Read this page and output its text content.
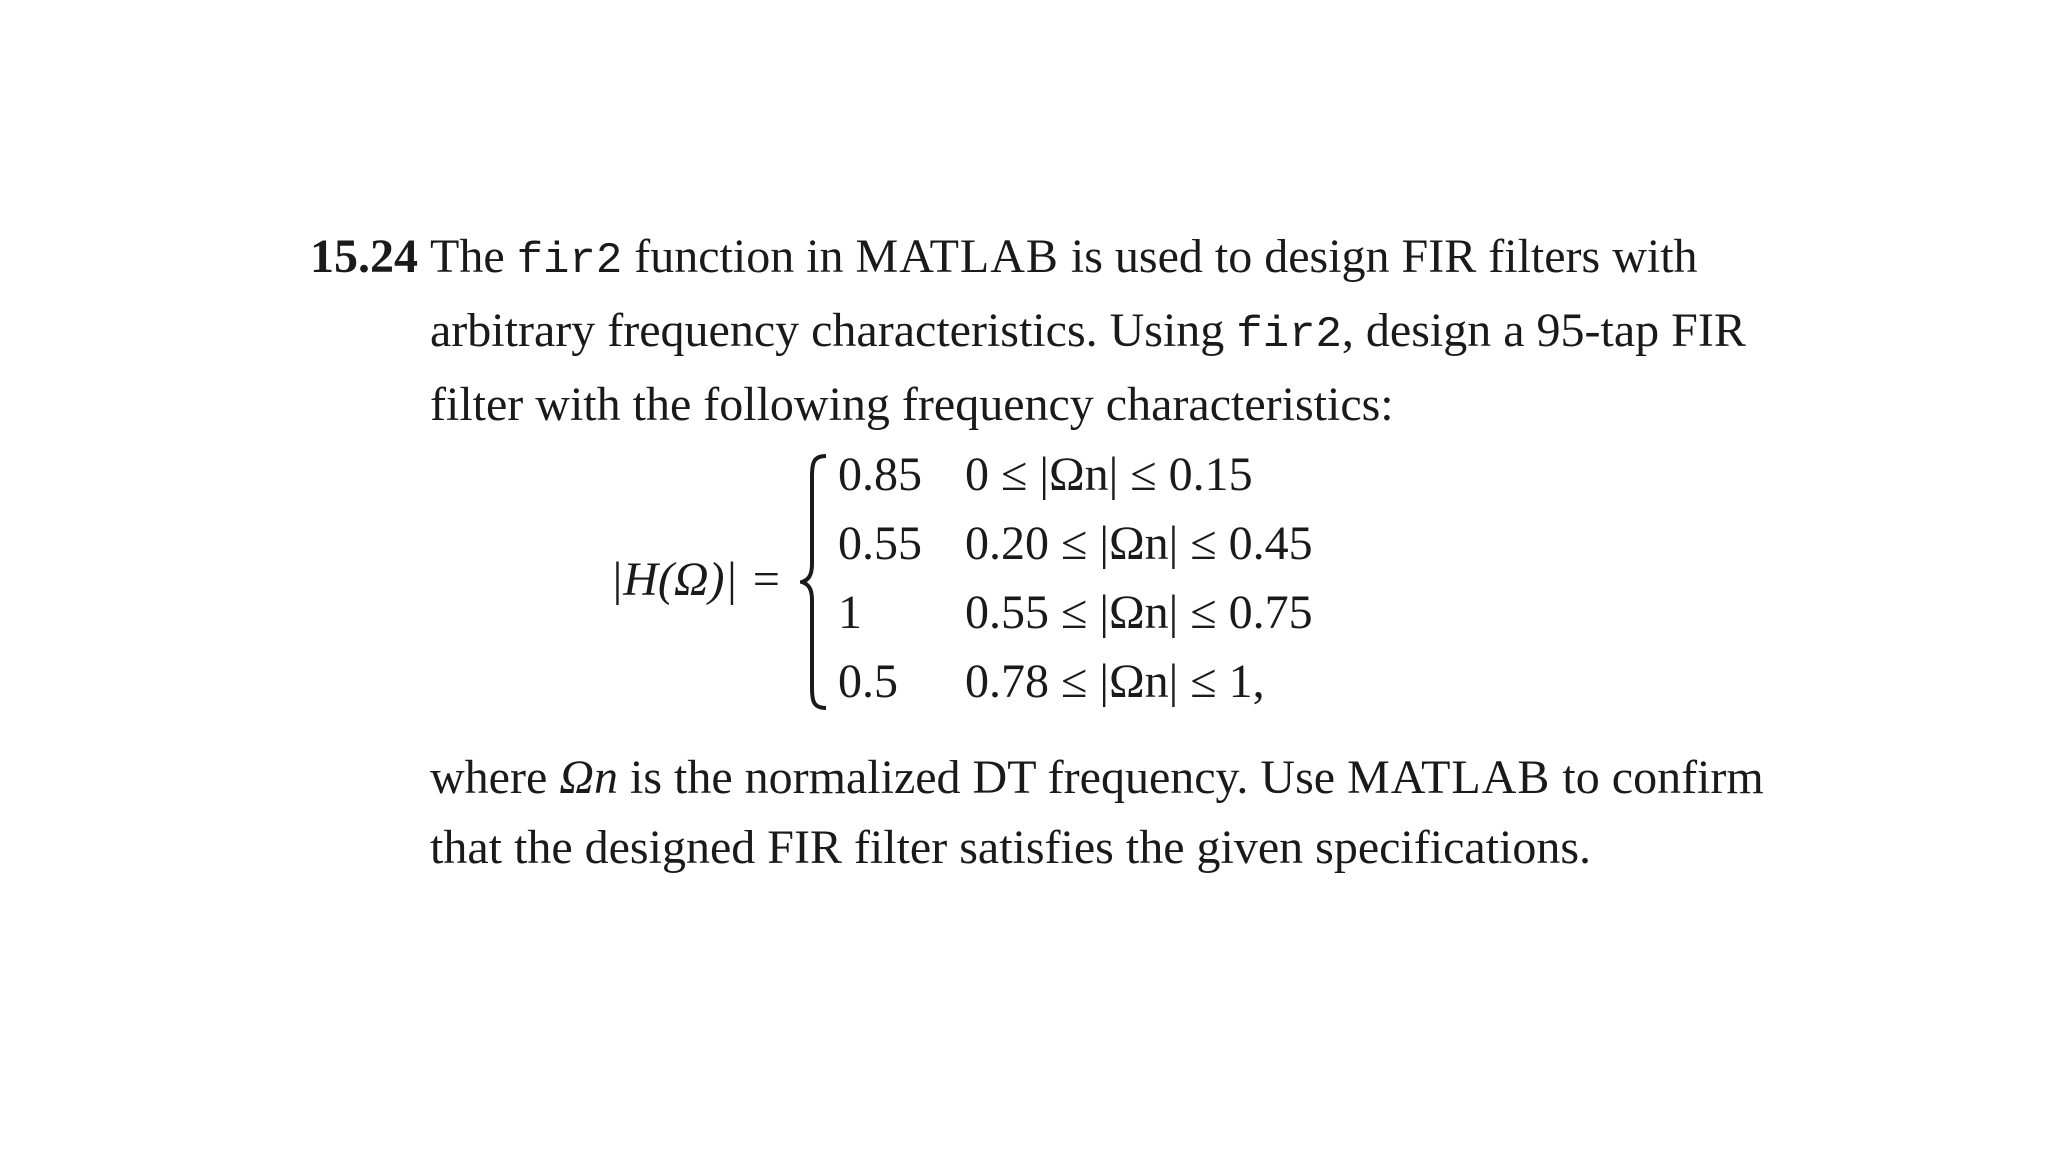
15.24 The fir2 function in MATLAB is used to design FIR filters with
arbitrary frequency characteristics. Using fir2, design a 95-tap FIR
filter with the following frequency characteristics:
|H(Ω)| =
0.85 0 ≤ |Ωn| ≤ 0.15
0.55 0.20 ≤ |Ωn| ≤ 0.45
1 0.55 ≤ |Ωn| ≤ 0.75
0.5 0.78 ≤ |Ωn| ≤ 1,
where Ωn is the normalized DT frequency. Use MATLAB to confirm
that the designed FIR filter satisfies the given specifications.
